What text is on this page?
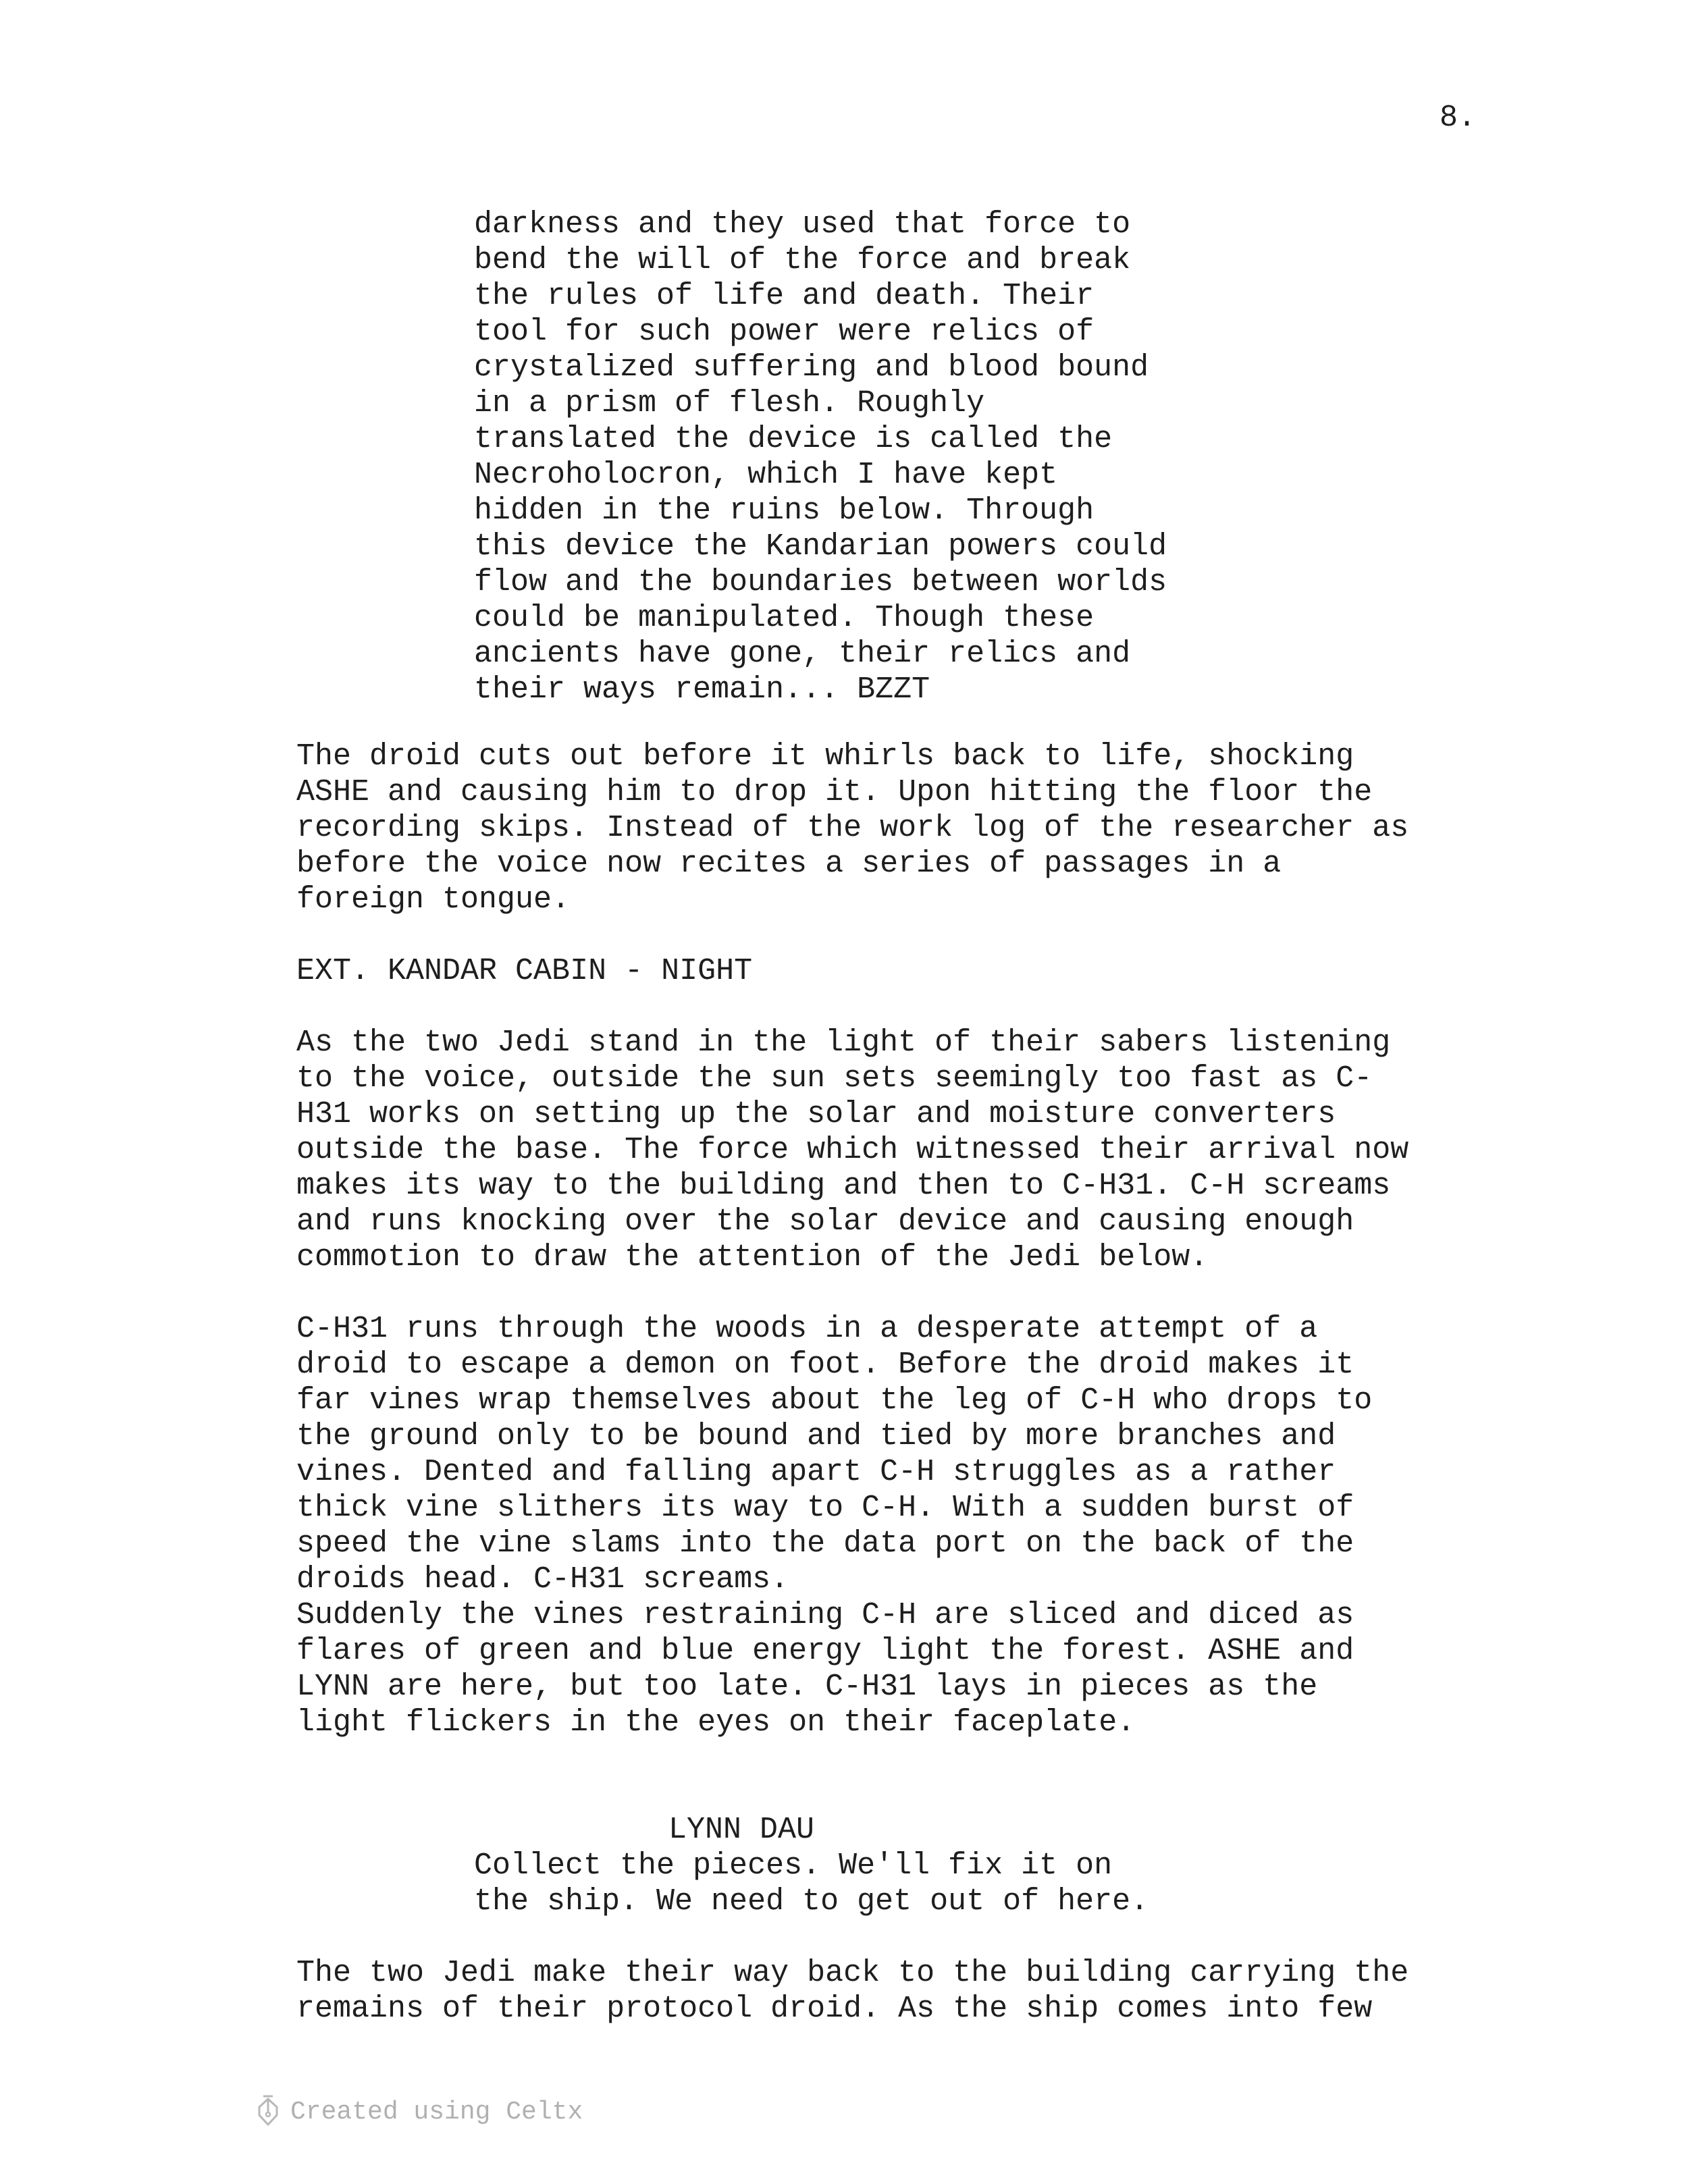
8.

darkness and they used that force to
bend the will of the force and break
the rules of life and death. Their
tool for such power were relics of
crystalized suffering and blood bound
in a prism of flesh. Roughly
translated the device is called the
Necroholocron, which I have kept
hidden in the ruins below. Through
this device the Kandarian powers could
flow and the boundaries between worlds
could be manipulated. Though these
ancients have gone, their relics and
their ways remain... BZZT

The droid cuts out before it whirls back to life, shocking
ASHE and causing him to drop it. Upon hitting the floor the
recording skips. Instead of the work log of the researcher as
before the voice now recites a series of passages in a
foreign tongue.

EXT. KANDAR CABIN - NIGHT

As the two Jedi stand in the light of their sabers listening
to the voice, outside the sun sets seemingly too fast as C-
H31 works on setting up the solar and moisture converters
outside the base. The force which witnessed their arrival now
makes its way to the building and then to C-H31. C-H screams
and runs knocking over the solar device and causing enough
commotion to draw the attention of the Jedi below.

C-H31 runs through the woods in a desperate attempt of a
droid to escape a demon on foot. Before the droid makes it
far vines wrap themselves about the leg of C-H who drops to
the ground only to be bound and tied by more branches and
vines. Dented and falling apart C-H struggles as a rather
thick vine slithers its way to C-H. With a sudden burst of
speed the vine slams into the data port on the back of the
droids head. C-H31 screams.

Suddenly the vines restraining C-H are sliced and diced as
flares of green and blue energy light the forest. ASHE and
LYNN are here, but too late. C-H31 lays in pieces as the
light flickers in the eyes on their faceplate.

LYNN DAU

Collect the pieces. We'll fix it on
the ship. We need to get out of here.

The two Jedi make their way back to the building carrying the
remains of their protocol droid. As the ship comes into few

Created using Celtx
